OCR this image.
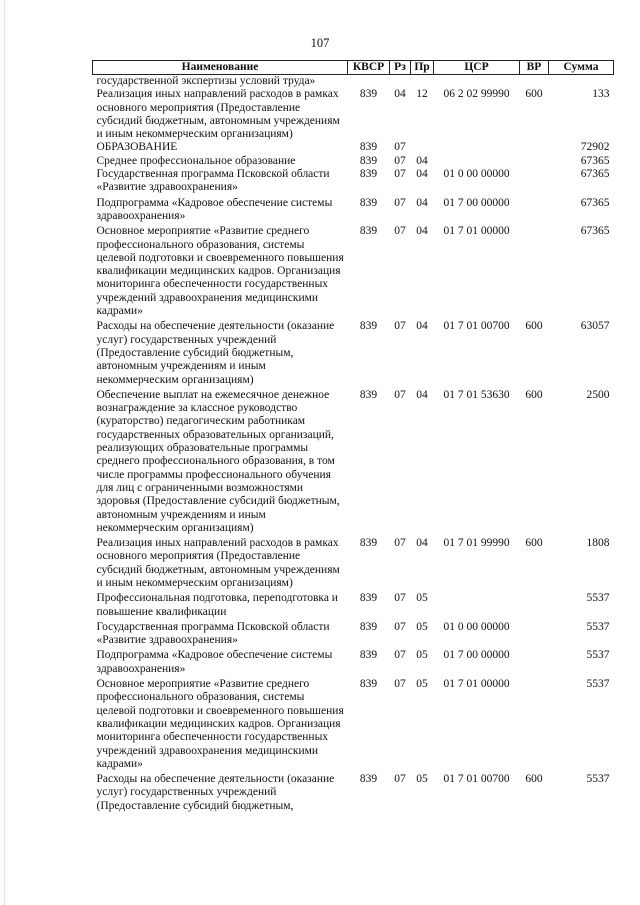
107
Наименование	КВСР	Рз	Пр	ЦСР	ВР	Сумма
государственной экспертизы условий труда»						
Реализация иных направлений расходов в рамках основного мероприятия (Предоставление субсидий бюджетным, автономным учреждениям и иным некоммерческим организациям)	839	04	12	06 2 02 99990	600	133
ОБРАЗОВАНИЕ	839	07				72902
Среднее профессиональное образование	839	07	04			67365
Государственная программа Псковской области «Развитие здравоохранения»	839	07	04	01 0 00 00000		67365
Подпрограмма «Кадровое обеспечение системы здравоохранения»	839	07	04	01 7 00 00000		67365
Основное мероприятие «Развитие среднего профессионального образования, системы целевой подготовки и своевременного повышения квалификации медицинских кадров. Организация мониторинга обеспеченности государственных учреждений здравоохранения медицинскими кадрами»	839	07	04	01 7 01 00000		67365
Расходы на обеспечение деятельности (оказание услуг) государственных учреждений (Предоставление субсидий бюджетным, автономным учреждениям и иным некоммерческим организациям)	839	07	04	01 7 01 00700	600	63057
Обеспечение выплат на ежемесячное денежное вознаграждение за классное руководство (кураторство) педагогическим работникам государственных образовательных организаций, реализующих образовательные программы среднего профессионального образования, в том числе программы профессионального обучения для лиц с ограниченными возможностями здоровья (Предоставление субсидий бюджетным, автономным учреждениям и иным некоммерческим организациям)	839	07	04	01 7 01 53630	600	2500
Реализация иных направлений расходов в рамках основного мероприятия (Предоставление субсидий бюджетным, автономным учреждениям и иным некоммерческим организациям)	839	07	04	01 7 01 99990	600	1808
Профессиональная подготовка, переподготовка и повышение квалификации	839	07	05			5537
Государственная программа Псковской области «Развитие здравоохранения»	839	07	05	01 0 00 00000		5537
Подпрограмма «Кадровое обеспечение системы здравоохранения»	839	07	05	01 7 00 00000		5537
Основное мероприятие «Развитие среднего профессионального образования, системы целевой подготовки и своевременного повышения квалификации медицинских кадров. Организация мониторинга обеспеченности государственных учреждений здравоохранения медицинскими кадрами»	839	07	05	01 7 01 00000		5537
Расходы на обеспечение деятельности (оказание услуг) государственных учреждений (Предоставление субсидий бюджетным,	839	07	05	01 7 01 00700	600	5537
